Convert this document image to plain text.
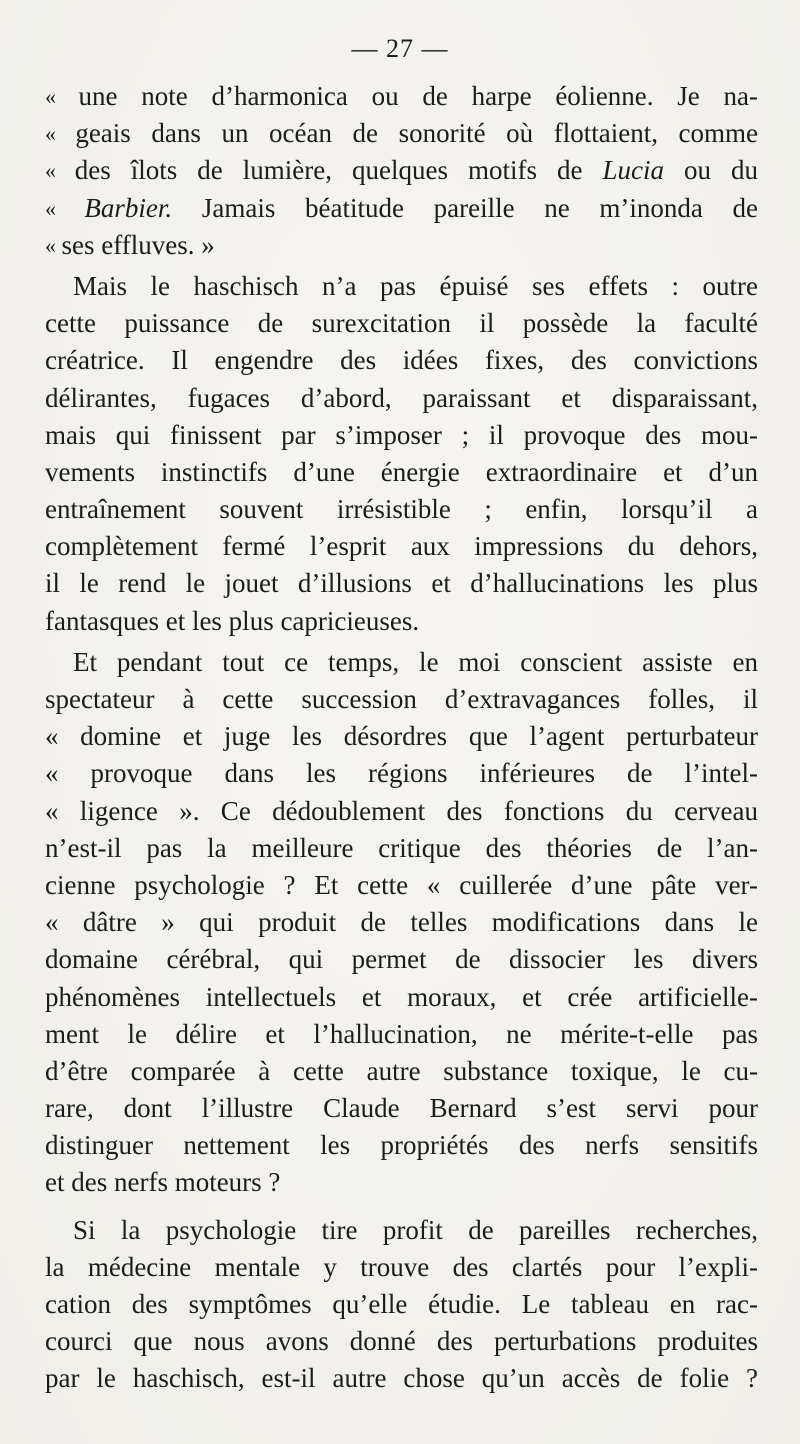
— 27 —
« une note d’harmonica ou de harpe éolienne. Je na-
« geais dans un océan de sonorité où flottaient, comme
« des îlots de lumière, quelques motifs de Lucia ou du
« Barbier. Jamais béatitude pareille ne m’inonda de
« ses effluves. »
Mais le haschisch n’a pas épuisé ses effets : outre
cette puissance de surexcitation il possède la faculté
créatrice. Il engendre des idées fixes, des convictions
délirantes, fugaces d’abord, paraissant et disparaissant,
mais qui finissent par s’imposer ; il provoque des mou-
vements instinctifs d’une énergie extraordinaire et d’un
entraînement souvent irrésistible ; enfin, lorsqu’il a
complètement fermé l’esprit aux impressions du dehors,
il le rend le jouet d’illusions et d’hallucinations les plus
fantasques et les plus capricieuses.
Et pendant tout ce temps, le moi conscient assiste en
spectateur à cette succession d’extravagances folles, il
« domine et juge les désordres que l’agent perturbateur
« provoque dans les régions inférieures de l’intel-
« ligence ». Ce dédoublement des fonctions du cerveau
n’est-il pas la meilleure critique des théories de l’an-
cienne psychologie ? Et cette « cuillerée d’une pâte ver-
« dâtre » qui produit de telles modifications dans le
domaine cérébral, qui permet de dissocier les divers
phénomènes intellectuels et moraux, et crée artificielle-
ment le délire et l’hallucination, ne mérite-t-elle pas
d’être comparée à cette autre substance toxique, le cu-
rare, dont l’illustre Claude Bernard s’est servi pour
distinguer nettement les propriétés des nerfs sensitifs
et des nerfs moteurs ?
Si la psychologie tire profit de pareilles recherches,
la médecine mentale y trouve des clartés pour l’expli-
cation des symptômes qu’elle étudie. Le tableau en rac-
courci que nous avons donné des perturbations produites
par le haschisch, est-il autre chose qu’un accès de folie ?
